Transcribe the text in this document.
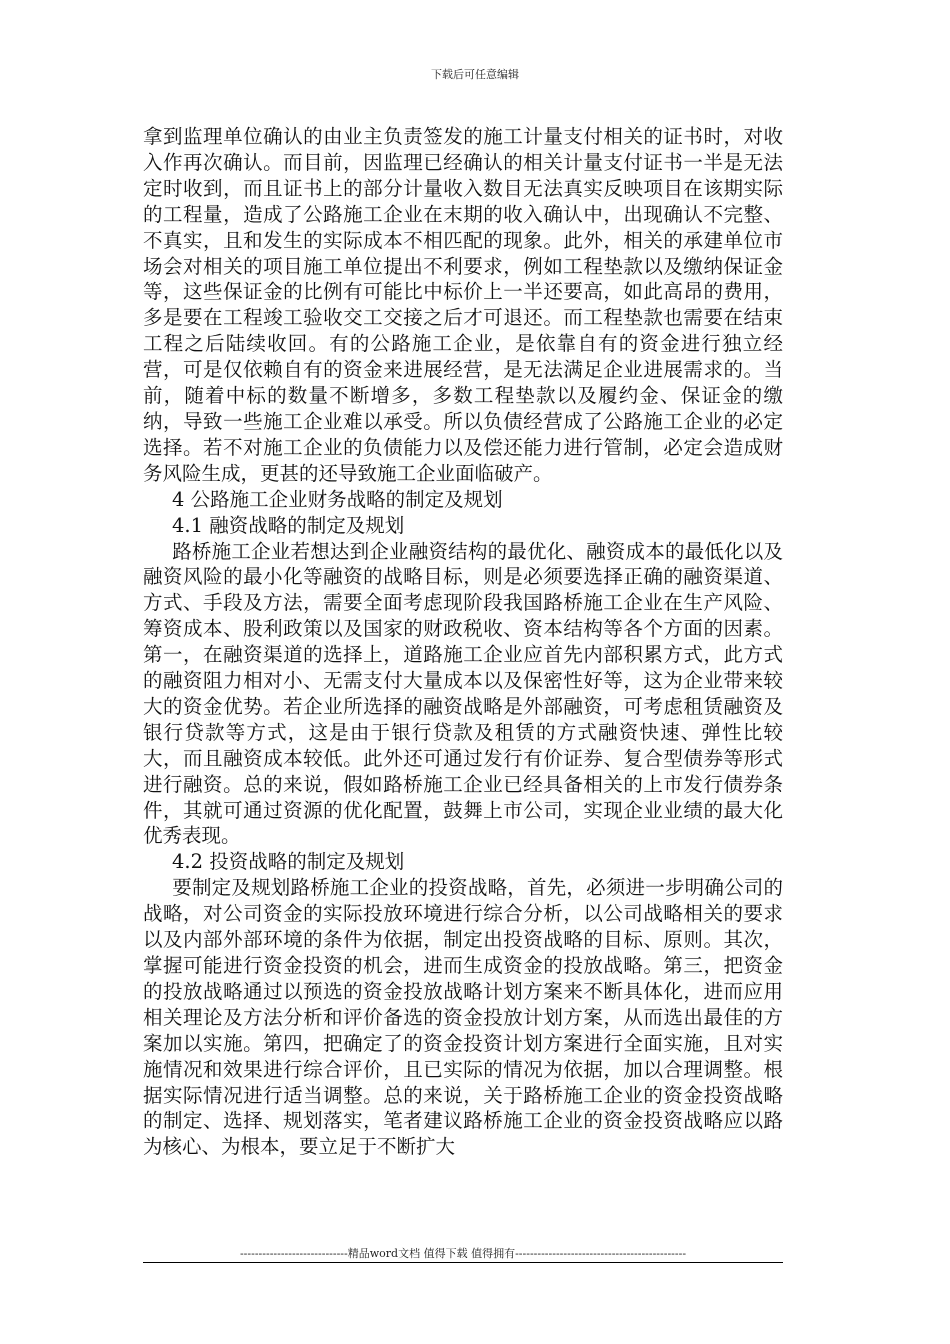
下载后可任意编辑

拿到监理单位确认的由业主负责签发的施工计量支付相关的证书时，对收入作再次确认。而目前，因监理已经确认的相关计量支付证书一半是无法定时收到，而且证书上的部分计量收入数目无法真实反映项目在该期实际的工程量，造成了公路施工企业在末期的收入确认中，出现确认不完整、不真实，且和发生的实际成本不相匹配的现象。此外，相关的承建单位市场会对相关的项目施工单位提出不利要求，例如工程垫款以及缴纳保证金等，这些保证金的比例有可能比中标价上一半还要高，如此高昂的费用，多是要在工程竣工验收交工交接之后才可退还。而工程垫款也需要在结束工程之后陆续收回。有的公路施工企业，是依靠自有的资金进行独立经营，可是仅依赖自有的资金来进展经营，是无法满足企业进展需求的。当前，随着中标的数量不断增多，多数工程垫款以及履约金、保证金的缴纳，导致一些施工企业难以承受。所以负债经营成了公路施工企业的必定选择。若不对施工企业的负债能力以及偿还能力进行管制，必定会造成财务风险生成，更甚的还导致施工企业面临破产。

4 公路施工企业财务战略的制定及规划

4.1 融资战略的制定及规划

路桥施工企业若想达到企业融资结构的最优化、融资成本的最低化以及融资风险的最小化等融资的战略目标，则是必须要选择正确的融资渠道、方式、手段及方法，需要全面考虑现阶段我国路桥施工企业在生产风险、筹资成本、股利政策以及国家的财政税收、资本结构等各个方面的因素。第一，在融资渠道的选择上，道路施工企业应首先内部积累方式，此方式的融资阻力相对小、无需支付大量成本以及保密性好等，这为企业带来较大的资金优势。若企业所选择的融资战略是外部融资，可考虑租赁融资及银行贷款等方式，这是由于银行贷款及租赁的方式融资快速、弹性比较大，而且融资成本较低。此外还可通过发行有价证券、复合型债券等形式进行融资。总的来说，假如路桥施工企业已经具备相关的上市发行债券条件，其就可通过资源的优化配置，鼓舞上市公司，实现企业业绩的最大化优秀表现。

4.2 投资战略的制定及规划

要制定及规划路桥施工企业的投资战略，首先，必须进一步明确公司的战略，对公司资金的实际投放环境进行综合分析，以公司战略相关的要求以及内部外部环境的条件为依据，制定出投资战略的目标、原则。其次，掌握可能进行资金投资的机会，进而生成资金的投放战略。第三，把资金的投放战略通过以预选的资金投放战略计划方案来不断具体化，进而应用相关理论及方法分析和评价备选的资金投放计划方案，从而选出最佳的方案加以实施。第四，把确定了的资金投资计划方案进行全面实施，且对实施情况和效果进行综合评价，且已实际的情况为依据，加以合理调整。根据实际情况进行适当调整。总的来说，关于路桥施工企业的资金投资战略的制定、选择、规划落实，笔者建议路桥施工企业的资金投资战略应以路为核心、为根本，要立足于不断扩大

-----------------------------精品word文档 值得下载 值得拥有----------------------------------------------
